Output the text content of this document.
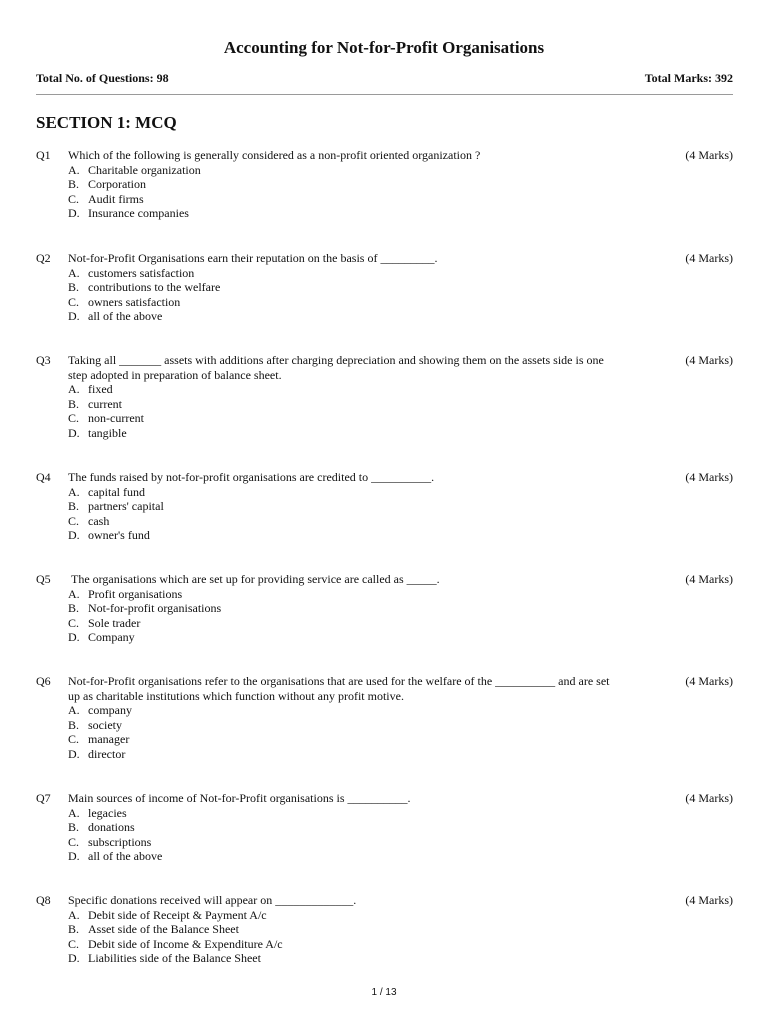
Accounting for Not-for-Profit Organisations
Total No. of Questions: 98	Total Marks: 392
SECTION 1: MCQ
Q1 Which of the following is generally considered as a non-profit oriented organization ?	(4 Marks)
A. Charitable organization
B. Corporation
C. Audit firms
D. Insurance companies
Q2 Not-for-Profit Organisations earn their reputation on the basis of _________.	(4 Marks)
A. customers satisfaction
B. contributions to the welfare
C. owners satisfaction
D. all of the above
Q3 Taking all _______ assets with additions after charging depreciation and showing them on the assets side is one step adopted in preparation of balance sheet.
(4 Marks)
A. fixed
B. current
C. non-current
D. tangible
Q4 The funds raised by not-for-profit organisations are credited to __________.	(4 Marks)
A. capital fund
B. partners' capital
C. cash
D. owner's fund
Q5 The organisations which are set up for providing service are called as _____.	(4 Marks)
A. Profit organisations
B. Not-for-profit organisations
C. Sole trader
D. Company
Q6 Not-for-Profit organisations refer to the organisations that are used for the welfare of the __________ and are set up as charitable institutions which function without any profit motive.
(4 Marks)
A. company
B. society
C. manager
D. director
Q7 Main sources of income of Not-for-Profit organisations is __________.	(4 Marks)
A. legacies
B. donations
C. subscriptions
D. all of the above
Q8 Specific donations received will appear on _____________.	(4 Marks)
A. Debit side of Receipt & Payment A/c
B. Asset side of the Balance Sheet
C. Debit side of Income & Expenditure A/c
D. Liabilities side of the Balance Sheet
1 / 13
